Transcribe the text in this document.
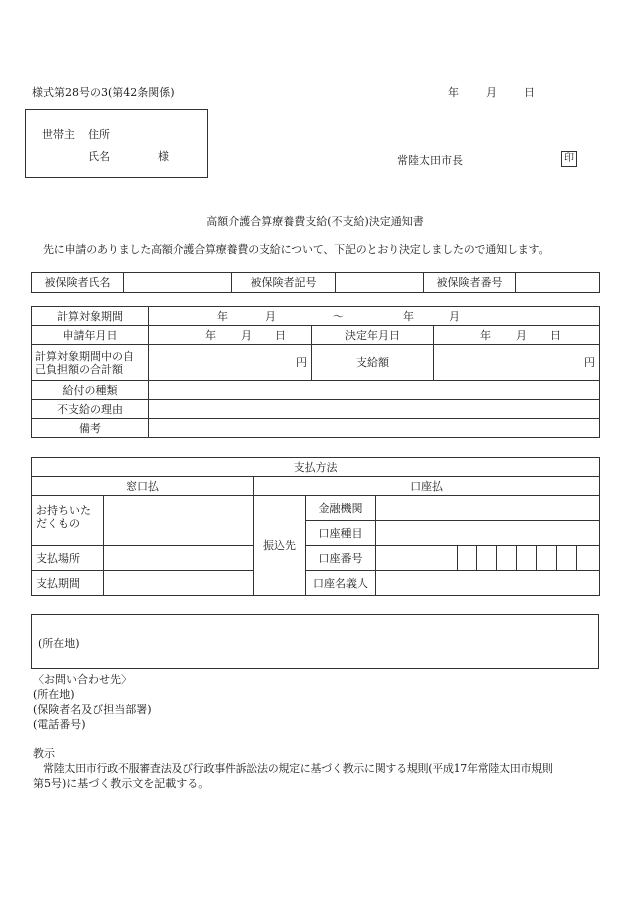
様式第28号の3(第42条関係)	年 月 日
世帯主 住所
氏名	様	常陸太田市長	印
高額介護合算療養費支給(不支給)決定通知書
先に申請のありました高額介護合算療養費の支給について、下記のとおり決定しましたので通知します。
被保険者氏名		被保険者記号		被保険者番号	
計算対象期間	年 月 ～ 年 月		

申請年月日	年 月 日	決定年月日	年 月 日

計算対象期間中の自
己負担額の合計額	円	支給額	円
給付の種類			
不支給の理由			
備考			
支払方法											
窓口払		口座払									

お持ちいた
だくもの		振込先	金融機関								
			口座種目								
支払場所			口座番号								
支払期間			口座名義人								
(所在地)
〈お問い合わせ先〉
(所在地)
(保険者名及び担当部署)
(電話番号)
教示
常陸太田市行政不服審査法及び行政事件訴訟法の規定に基づく教示に関する規則(平成17年常陸太田市規則
第5号)に基づく教示文を記載する。
